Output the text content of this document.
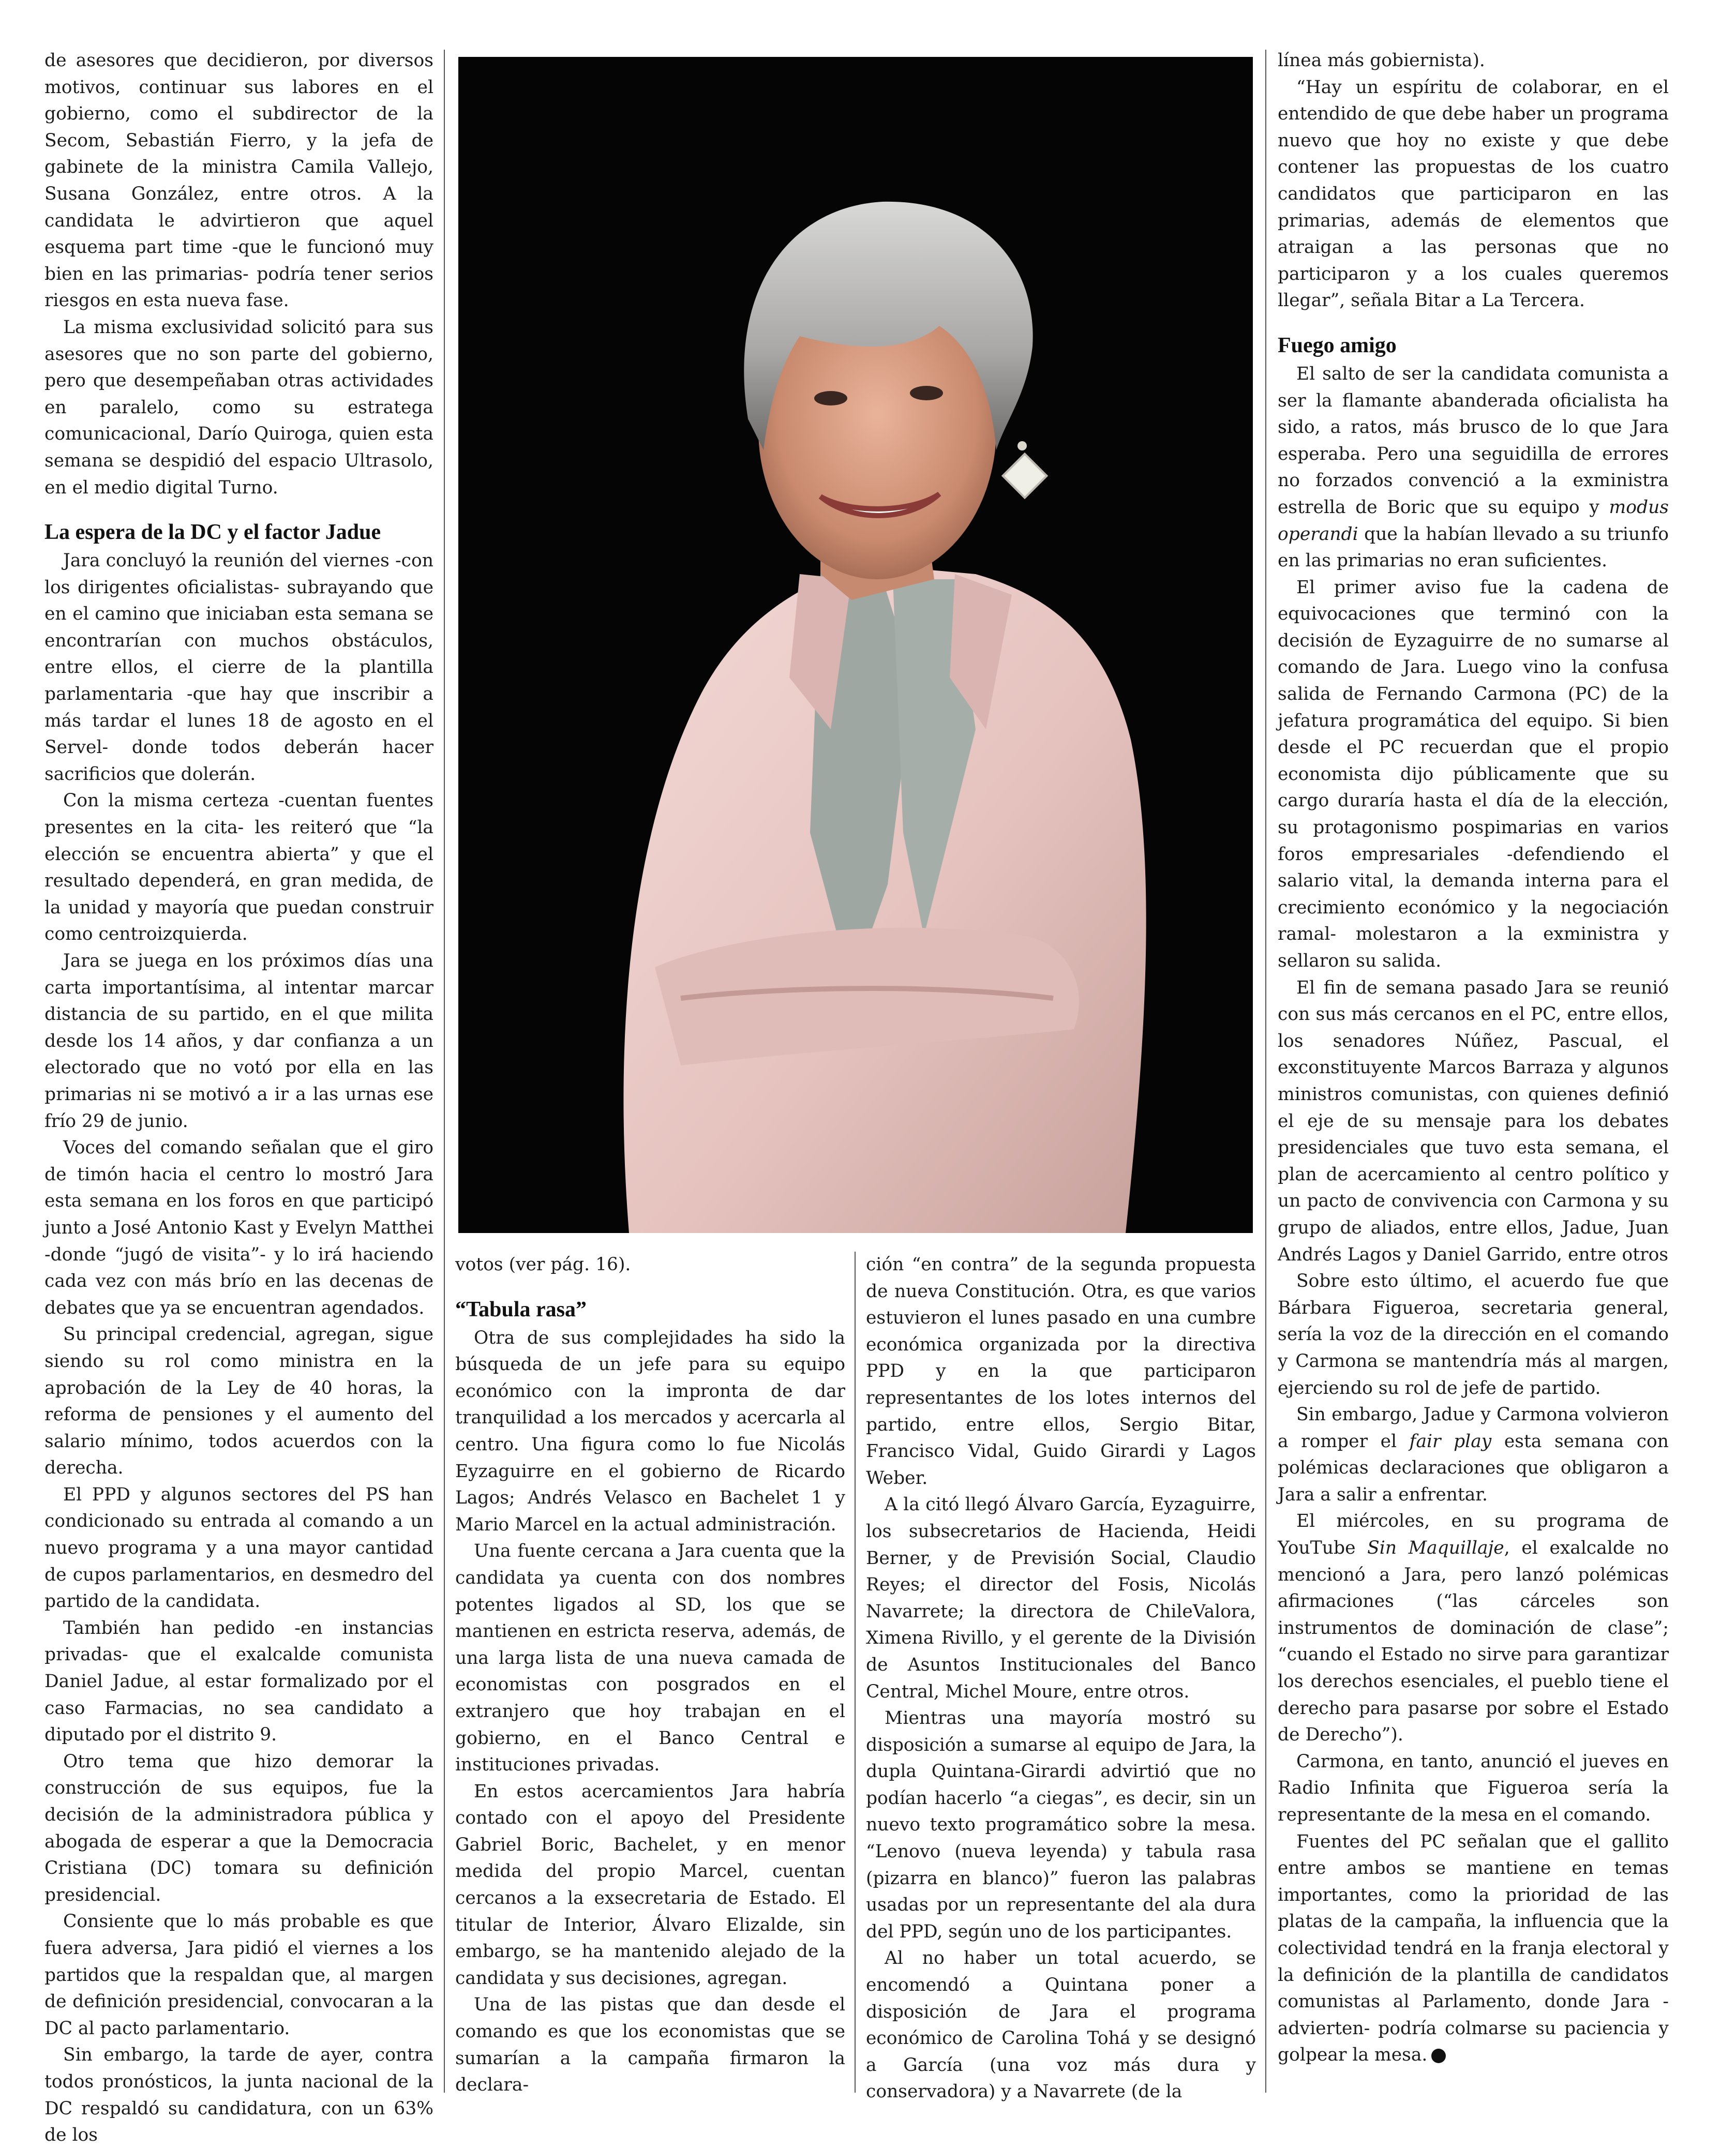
de asesores que decidieron, por diversos motivos, continuar sus labores en el gobierno, como el subdirector de la Secom, Sebastián Fierro, y la jefa de gabinete de la ministra Camila Vallejo, Susana González, entre otros. A la candidata le advirtieron que aquel esquema part time -que le funcionó muy bien en las primarias- podría tener serios riesgos en esta nueva fase.

La misma exclusividad solicitó para sus asesores que no son parte del gobierno, pero que desempeñaban otras actividades en paralelo, como su estratega comunicacional, Darío Quiroga, quien esta semana se despidió del espacio Ultrasolo, en el medio digital Turno.

La espera de la DC y el factor Jadue

Jara concluyó la reunión del viernes -con los dirigentes oficialistas- subrayando que en el camino que iniciaban esta semana se encontrarían con muchos obstáculos, entre ellos, el cierre de la plantilla parlamentaria -que hay que inscribir a más tardar el lunes 18 de agosto en el Servel- donde todos deberán hacer sacrificios que dolerán.

Con la misma certeza -cuentan fuentes presentes en la cita- les reiteró que “la elección se encuentra abierta” y que el resultado dependerá, en gran medida, de la unidad y mayoría que puedan construir como centroizquierda.

Jara se juega en los próximos días una carta importantísima, al intentar marcar distancia de su partido, en el que milita desde los 14 años, y dar confianza a un electorado que no votó por ella en las primarias ni se motivó a ir a las urnas ese frío 29 de junio.

Voces del comando señalan que el giro de timón hacia el centro lo mostró Jara esta semana en los foros en que participó junto a José Antonio Kast y Evelyn Matthei -donde “jugó de visita”- y lo irá haciendo cada vez con más brío en las decenas de debates que ya se encuentran agendados.

Su principal credencial, agregan, sigue siendo su rol como ministra en la aprobación de la Ley de 40 horas, la reforma de pensiones y el aumento del salario mínimo, todos acuerdos con la derecha.

El PPD y algunos sectores del PS han condicionado su entrada al comando a un nuevo programa y a una mayor cantidad de cupos parlamentarios, en desmedro del partido de la candidata.

También han pedido -en instancias privadas- que el exalcalde comunista Daniel Jadue, al estar formalizado por el caso Farmacias, no sea candidato a diputado por el distrito 9.

Otro tema que hizo demorar la construcción de sus equipos, fue la decisión de la administradora pública y abogada de esperar a que la Democracia Cristiana (DC) tomara su definición presidencial.

Consiente que lo más probable es que fuera adversa, Jara pidió el viernes a los partidos que la respaldan que, al margen de definición presidencial, convocaran a la DC al pacto parlamentario.

Sin embargo, la tarde de ayer, contra todos pronósticos, la junta nacional de la DC respaldó su candidatura, con un 63% de los

votos (ver pág. 16).

“Tabula rasa”

Otra de sus complejidades ha sido la búsqueda de un jefe para su equipo económico con la impronta de dar tranquilidad a los mercados y acercarla al centro. Una figura como lo fue Nicolás Eyzaguirre en el gobierno de Ricardo Lagos; Andrés Velasco en Bachelet 1 y Mario Marcel en la actual administración.

Una fuente cercana a Jara cuenta que la candidata ya cuenta con dos nombres potentes ligados al SD, los que se mantienen en estricta reserva, además, de una larga lista de una nueva camada de economistas con posgrados en el extranjero que hoy trabajan en el gobierno, en el Banco Central e instituciones privadas.

En estos acercamientos Jara habría contado con el apoyo del Presidente Gabriel Boric, Bachelet, y en menor medida del propio Marcel, cuentan cercanos a la exsecretaria de Estado. El titular de Interior, Álvaro Elizalde, sin embargo, se ha mantenido alejado de la candidata y sus decisiones, agregan.

Una de las pistas que dan desde el comando es que los economistas que se sumarían a la campaña firmaron la declara-

ción “en contra” de la segunda propuesta de nueva Constitución. Otra, es que varios estuvieron el lunes pasado en una cumbre económica organizada por la directiva PPD y en la que participaron representantes de los lotes internos del partido, entre ellos, Sergio Bitar, Francisco Vidal, Guido Girardi y Lagos Weber.

A la citó llegó Álvaro García, Eyzaguirre, los subsecretarios de Hacienda, Heidi Berner, y de Previsión Social, Claudio Reyes; el director del Fosis, Nicolás Navarrete; la directora de ChileValora, Ximena Rivillo, y el gerente de la División de Asuntos Institucionales del Banco Central, Michel Moure, entre otros.

Mientras una mayoría mostró su disposición a sumarse al equipo de Jara, la dupla Quintana-Girardi advirtió que no podían hacerlo “a ciegas”, es decir, sin un nuevo texto programático sobre la mesa. “Lenovo (nueva leyenda) y tabula rasa (pizarra en blanco)” fueron las palabras usadas por un representante del ala dura del PPD, según uno de los participantes.

Al no haber un total acuerdo, se encomendó a Quintana poner a disposición de Jara el programa económico de Carolina Tohá y se designó a García (una voz más dura y conservadora) y a Navarrete (de la

línea más gobiernista).

“Hay un espíritu de colaborar, en el entendido de que debe haber un programa nuevo que hoy no existe y que debe contener las propuestas de los cuatro candidatos que participaron en las primarias, además de elementos que atraigan a las personas que no participaron y a los cuales queremos llegar”, señala Bitar a La Tercera.

Fuego amigo

El salto de ser la candidata comunista a ser la flamante abanderada oficialista ha sido, a ratos, más brusco de lo que Jara esperaba. Pero una seguidilla de errores no forzados convenció a la exministra estrella de Boric que su equipo y modus operandi que la habían llevado a su triunfo en las primarias no eran suficientes.

El primer aviso fue la cadena de equivocaciones que terminó con la decisión de Eyzaguirre de no sumarse al comando de Jara. Luego vino la confusa salida de Fernando Carmona (PC) de la jefatura programática del equipo. Si bien desde el PC recuerdan que el propio economista dijo públicamente que su cargo duraría hasta el día de la elección, su protagonismo pospimarias en varios foros empresariales -defendiendo el salario vital, la demanda interna para el crecimiento económico y la negociación ramal- molestaron a la exministra y sellaron su salida.

El fin de semana pasado Jara se reunió con sus más cercanos en el PC, entre ellos, los senadores Núñez, Pascual, el exconstituyente Marcos Barraza y algunos ministros comunistas, con quienes definió el eje de su mensaje para los debates presidenciales que tuvo esta semana, el plan de acercamiento al centro político y un pacto de convivencia con Carmona y su grupo de aliados, entre ellos, Jadue, Juan Andrés Lagos y Daniel Garrido, entre otros

Sobre esto último, el acuerdo fue que Bárbara Figueroa, secretaria general, sería la voz de la dirección en el comando y Carmona se mantendría más al margen, ejerciendo su rol de jefe de partido.

Sin embargo, Jadue y Carmona volvieron a romper el fair play esta semana con polémicas declaraciones que obligaron a Jara a salir a enfrentar.

El miércoles, en su programa de YouTube Sin Maquillaje, el exalcalde no mencionó a Jara, pero lanzó polémicas afirmaciones (“las cárceles son instrumentos de dominación de clase”; “cuando el Estado no sirve para garantizar los derechos esenciales, el pueblo tiene el derecho para pasarse por sobre el Estado de Derecho”).

Carmona, en tanto, anunció el jueves en Radio Infinita que Figueroa sería la representante de la mesa en el comando.

Fuentes del PC señalan que el gallito entre ambos se mantiene en temas importantes, como la prioridad de las platas de la campaña, la influencia que la colectividad tendrá en la franja electoral y la definición de la plantilla de candidatos comunistas al Parlamento, donde Jara -advierten- podría colmarse su paciencia y golpear la mesa.
